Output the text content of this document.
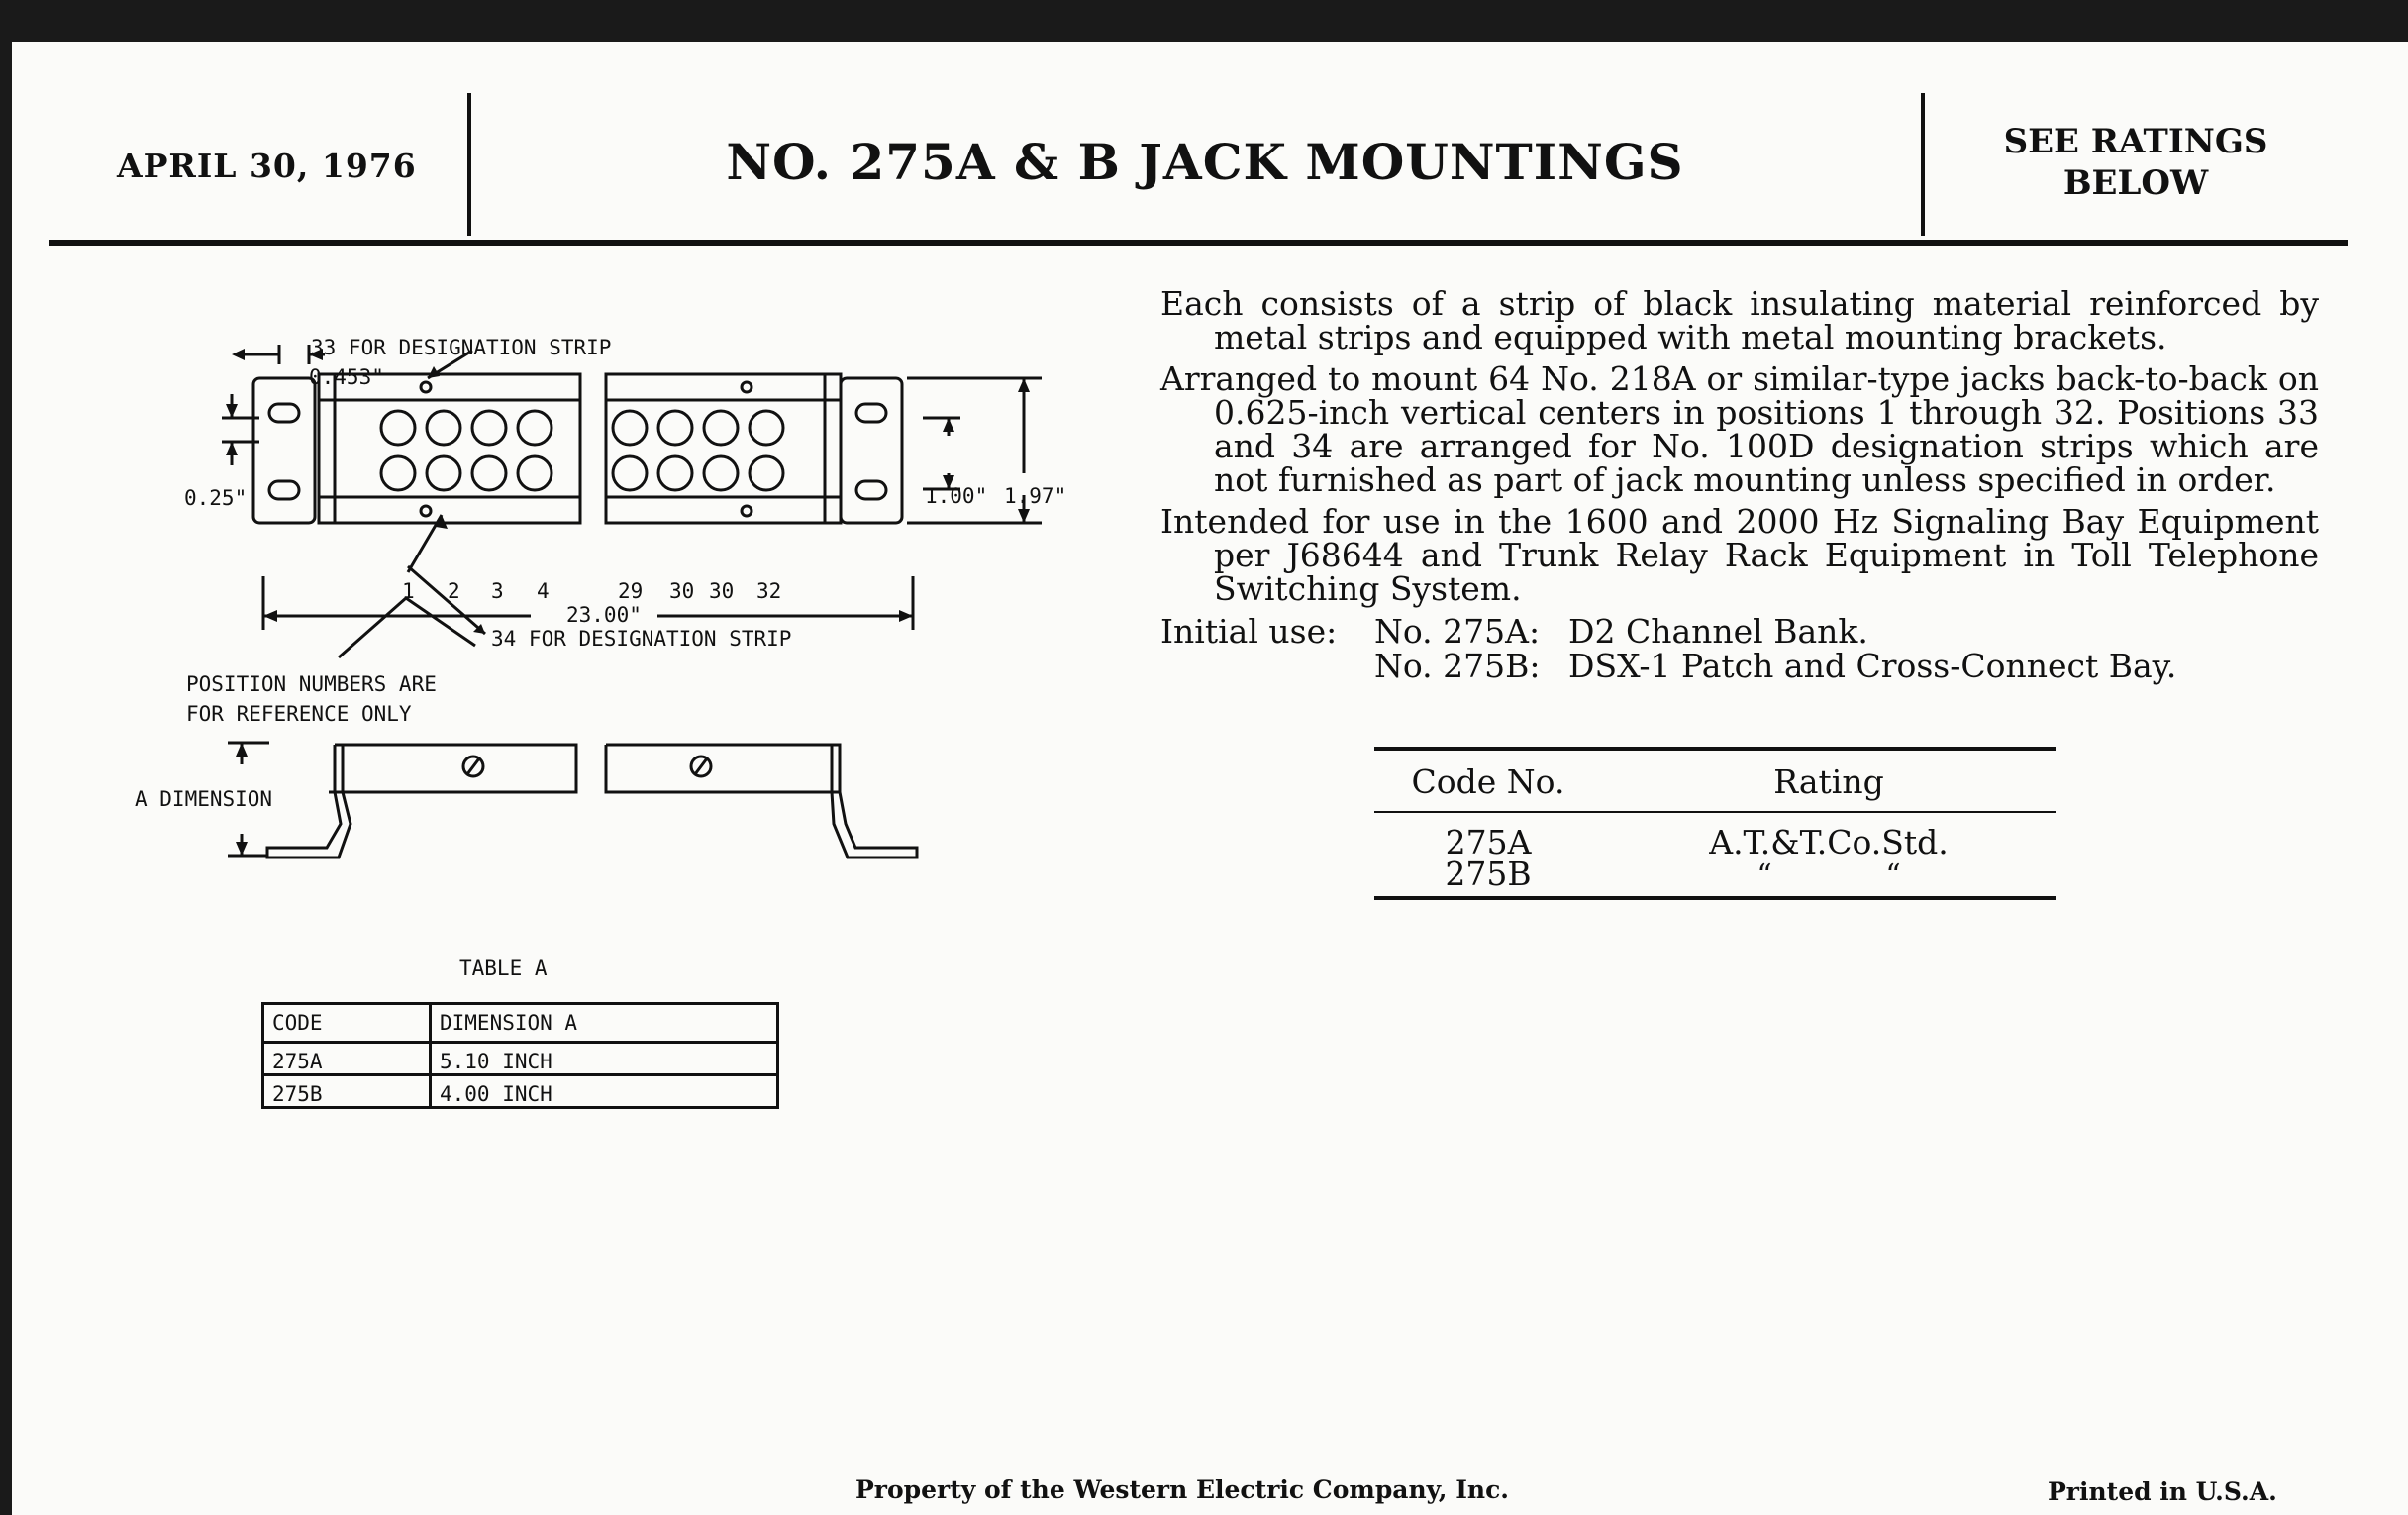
APRIL 30, 1976	NO. 275A & B JACK MOUNTINGS	SEE RATINGS
BELOW
33 FOR DESIGNATION STRIP
0.453"
0.25"	1.00" 1.97"
1 2 3 4	29 30 30 32
23.00"
34 FOR DESIGNATION STRIP
POSITION NUMBERS ARE
FOR REFERENCE ONLY
A DIMENSION

Each consists of a strip of black insulating material reinforced by metal strips and equipped with metal mounting brackets.

Arranged to mount 64 No. 218A or similar-type jacks back-to-back on 0.625-inch vertical centers in positions 1 through 32. Positions 33 and 34 are arranged for No. 100D designation strips which are not furnished as part of jack mounting unless specified in order.

Intended for use in the 1600 and 2000 Hz Signaling Bay Equipment per J68644 and Trunk Relay Rack Equipment in Toll Telephone Switching System.

Initial use:	No. 275A: D2 Channel Bank.
No. 275B: DSX-1 Patch and Cross-Connect Bay.
Code No.	Rating
275A	A.T.&T.Co.Std.
275B	“	“
TABLE A
CODE	DIMENSION A
275A	5.10 INCH
275B	4.00 INCH
Property of the Western Electric Company, Inc.	Printed in U.S.A.
